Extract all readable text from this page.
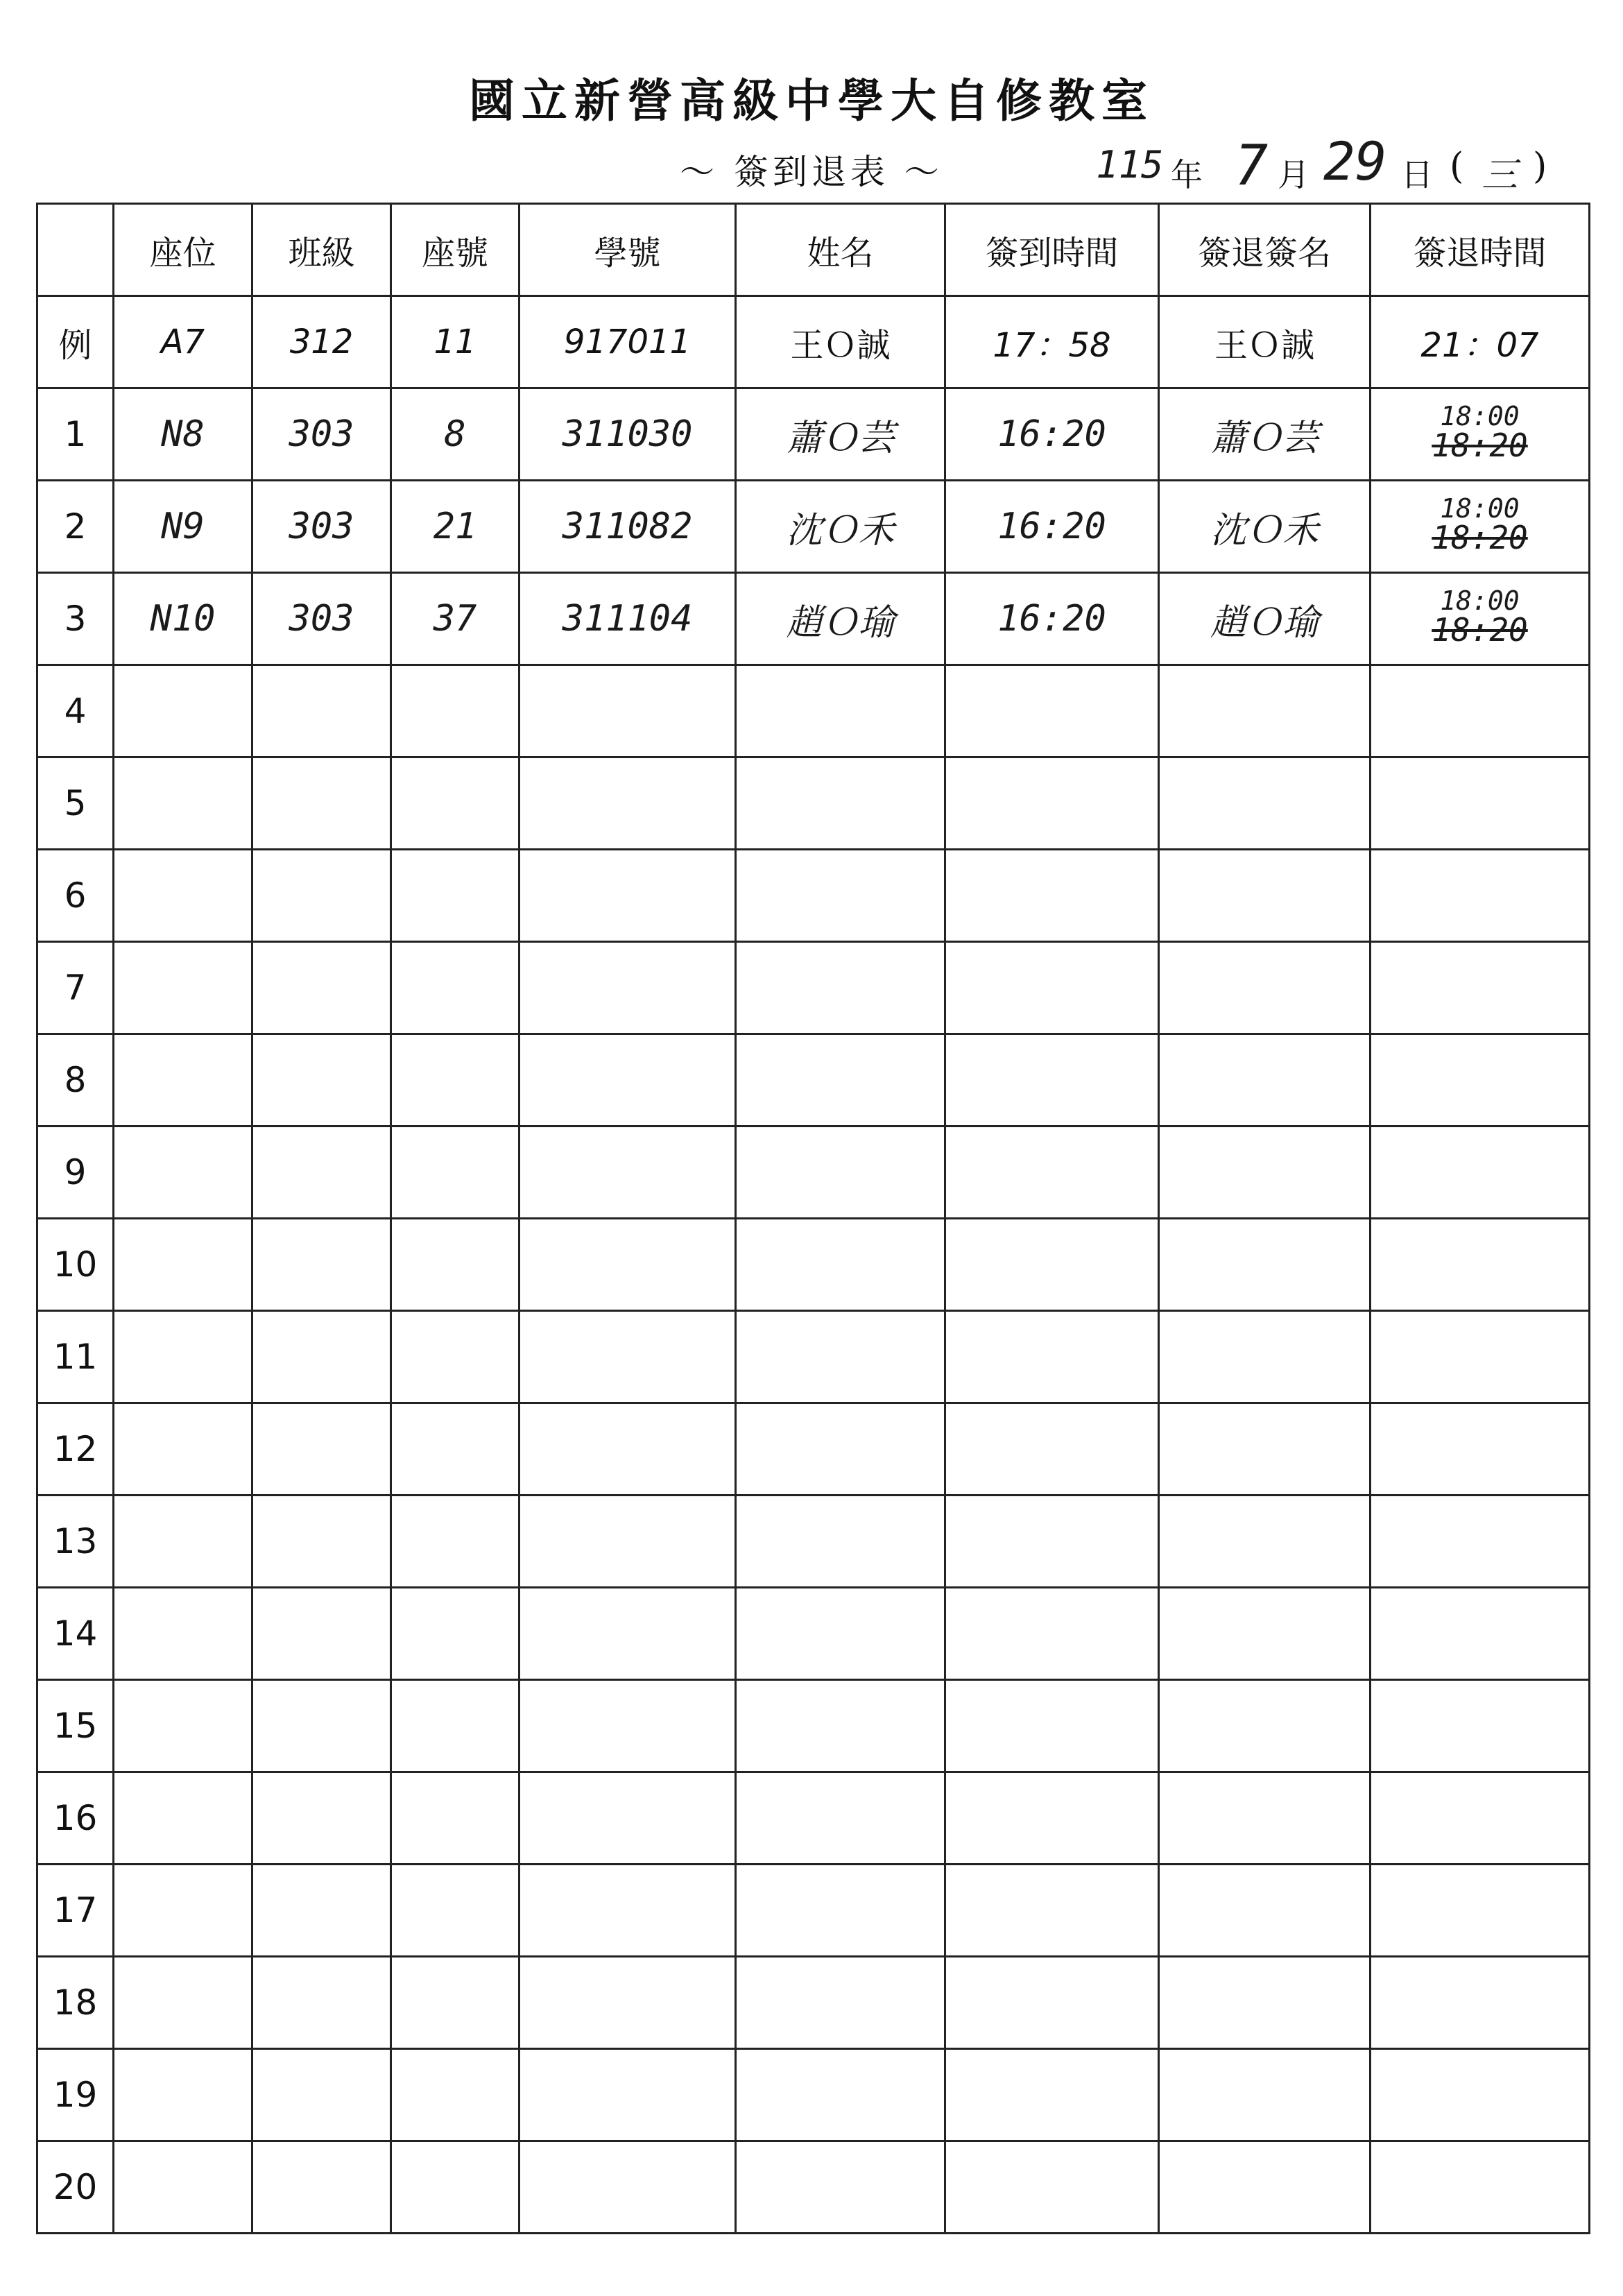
國立新營高級中學大自修教室
～ 簽到退表 ～	115 年 7 月 29 日 ( 三 )
	座位	班級	座號	學號	姓名	簽到時間	簽退簽名	簽退時間
例	A7	312	11	917011	王Ｏ誠	17：58	王Ｏ誠	21：07
1	N8	303	8	311030	蕭Ｏ芸	16:20	蕭Ｏ芸	18:00
18:20

2	N9	303	21	311082	沈Ｏ禾	16:20	沈Ｏ禾	18:00
18:20

3	N10	303	37	311104	趙Ｏ瑜	16:20	趙Ｏ瑜	18:00
18:20

4								
5								
6								
7								
8								
9								
10								
11								
12								
13								
14								
15								
16								
17								
18								
19								
20								
